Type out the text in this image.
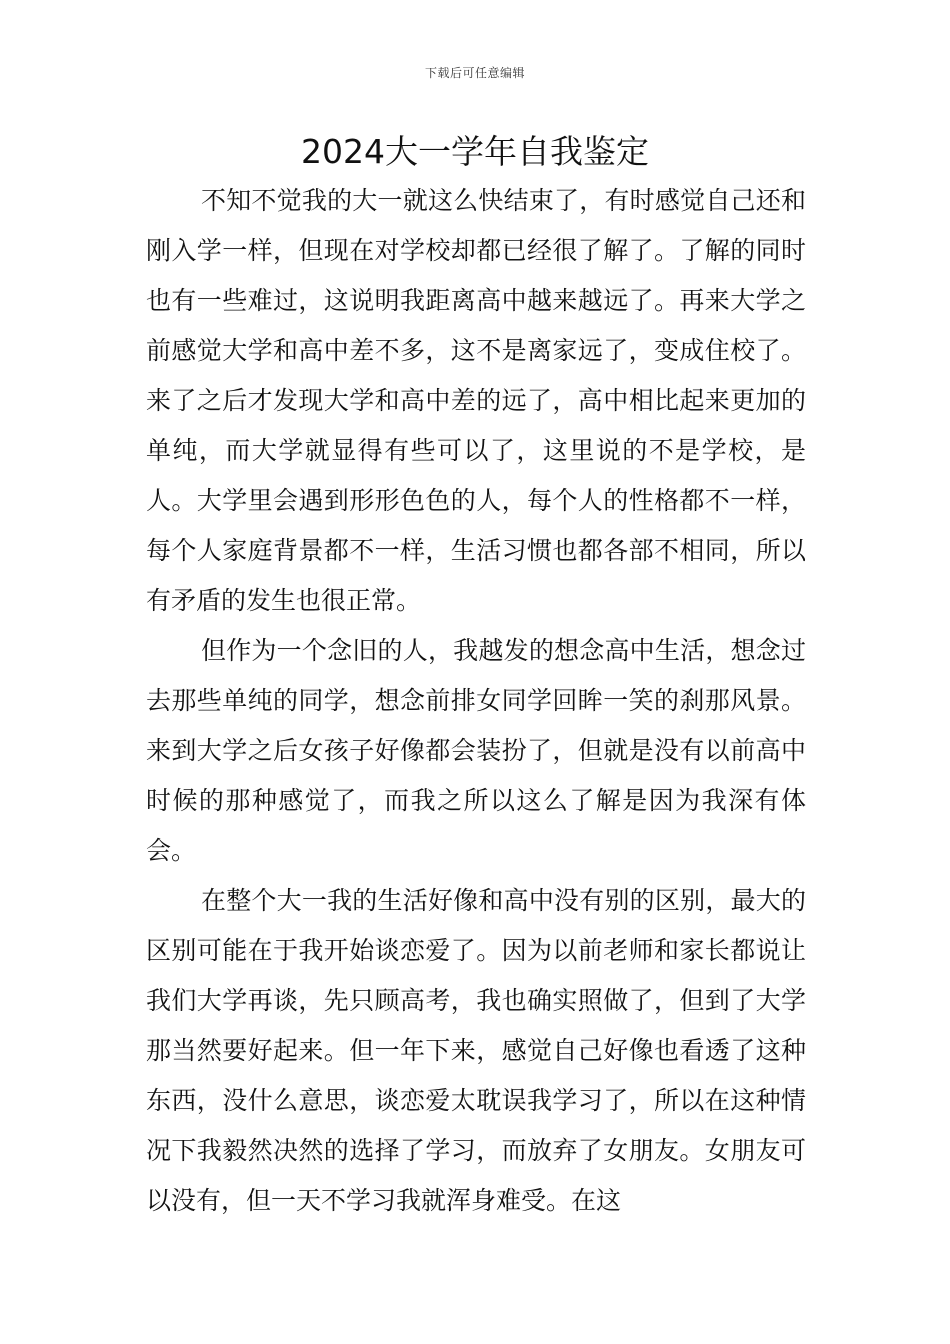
下载后可任意编辑
2024大一学年自我鉴定

不知不觉我的大一就这么快结束了，有时感觉自己还和刚入学一样，但现在对学校却都已经很了解了。了解的同时也有一些难过，这说明我距离高中越来越远了。再来大学之前感觉大学和高中差不多，这不是离家远了，变成住校了。来了之后才发现大学和高中差的远了，高中相比起来更加的单纯，而大学就显得有些可以了，这里说的不是学校，是人。大学里会遇到形形色色的人，每个人的性格都不一样，每个人家庭背景都不一样，生活习惯也都各部不相同，所以有矛盾的发生也很正常。

但作为一个念旧的人，我越发的想念高中生活，想念过去那些单纯的同学，想念前排女同学回眸一笑的刹那风景。来到大学之后女孩子好像都会装扮了，但就是没有以前高中时候的那种感觉了，而我之所以这么了解是因为我深有体会。

在整个大一我的生活好像和高中没有别的区别，最大的区别可能在于我开始谈恋爱了。因为以前老师和家长都说让我们大学再谈，先只顾高考，我也确实照做了，但到了大学那当然要好起来。但一年下来，感觉自己好像也看透了这种东西，没什么意思，谈恋爱太耽误我学习了，所以在这种情况下我毅然决然的选择了学习，而放弃了女朋友。女朋友可以没有，但一天不学习我就浑身难受。在这
